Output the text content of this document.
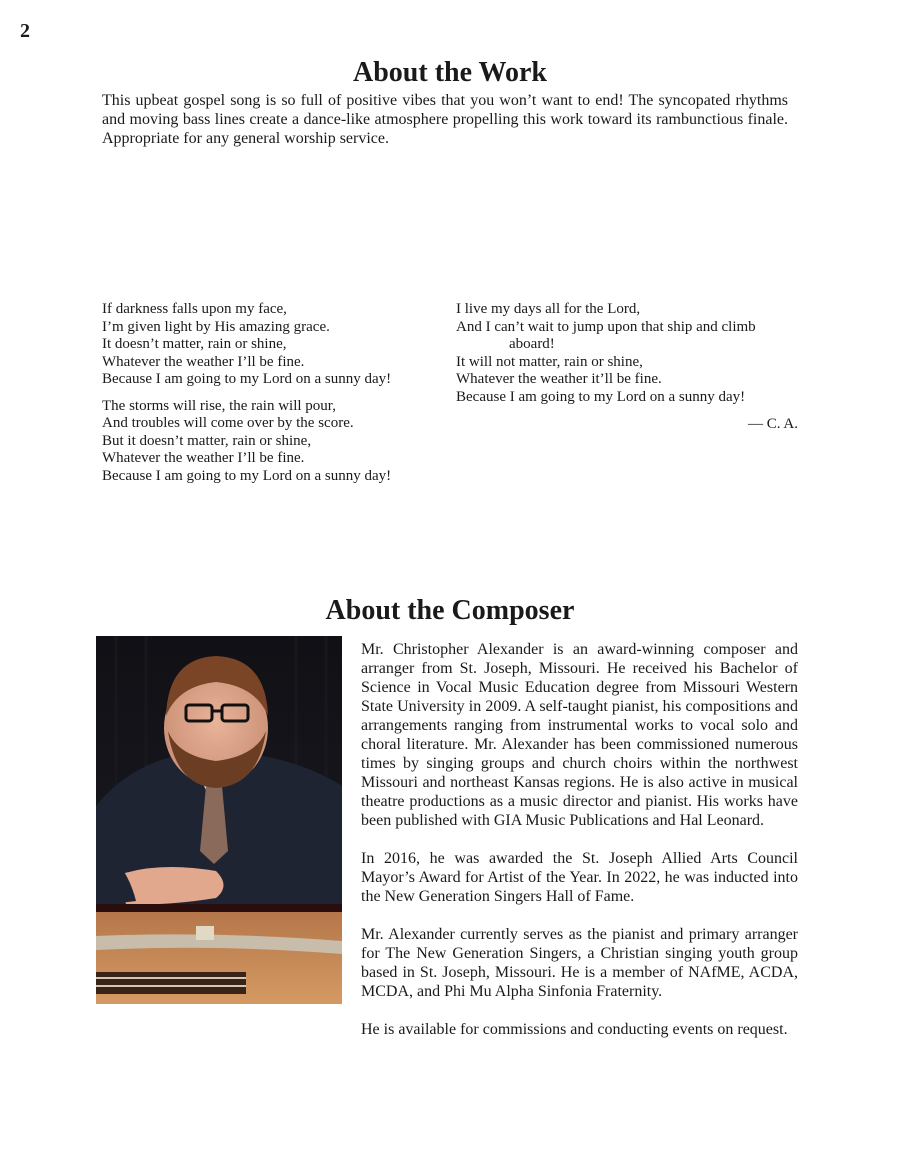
2
About the Work

This upbeat gospel song is so full of positive vibes that you won’t want to end! The syncopated rhythms and moving bass lines create a dance-like atmosphere propelling this work toward its rambunctious finale. Appropriate for any general worship service.

If darkness falls upon my face,
I’m given light by His amazing grace.
It doesn’t matter, rain or shine,
Whatever the weather I’ll be fine.
Because I am going to my Lord on a sunny day!
The storms will rise, the rain will pour,
And troubles will come over by the score.
But it doesn’t matter, rain or shine,
Whatever the weather I’ll be fine.
Because I am going to my Lord on a sunny day!
I live my days all for the Lord,
And I can’t wait to jump upon that ship and climb
aboard!
It will not matter, rain or shine,
Whatever the weather it’ll be fine.
Because I am going to my Lord on a sunny day!
— C. A.
About the Composer

Mr. Christopher Alexander is an award-winning composer and arranger from St. Joseph, Missouri. He received his Bachelor of Science in Vocal Music Education degree from Missouri Western State University in 2009. A self-taught pianist, his compositions and arrangements ranging from instrumental works to vocal solo and choral literature. Mr. Alexander has been commissioned numerous times by singing groups and church choirs within the northwest Missouri and northeast Kansas regions. He is also active in musical theatre productions as a music director and pianist. His works have been published with GIA Music Publications and Hal Leonard.

In 2016, he was awarded the St. Joseph Allied Arts Council Mayor’s Award for Artist of the Year. In 2022, he was inducted into the New Generation Singers Hall of Fame.

Mr. Alexander currently serves as the pianist and primary arranger for The New Generation Singers, a Christian singing youth group based in St. Joseph, Missouri. He is a member of NAfME, ACDA, MCDA, and Phi Mu Alpha Sinfonia Fraternity.

He is available for commissions and conducting events on request.
